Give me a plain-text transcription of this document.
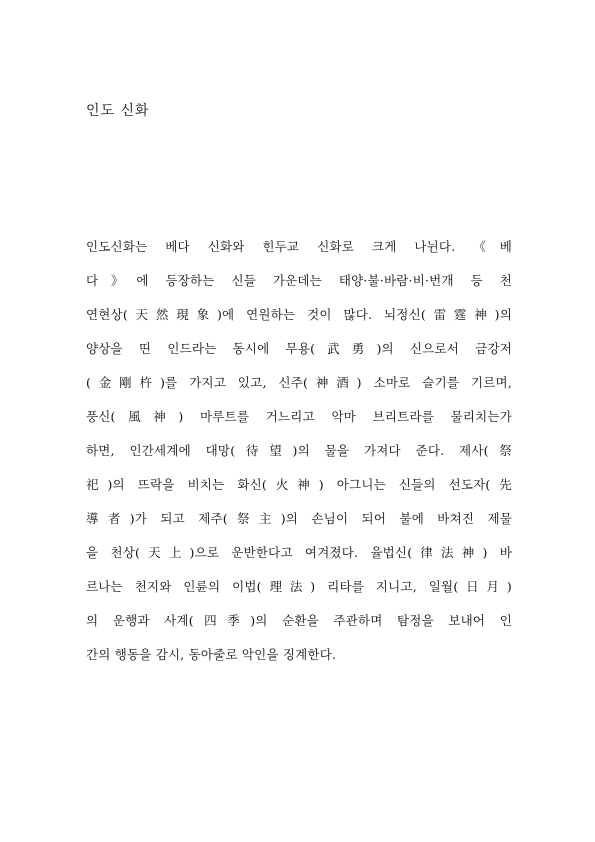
인도 신화
인도신화는 베다 신화와 힌두교 신화로 크게 나뉜다. 《베
다》에 등장하는 신들 가운데는 태양·불·바람·비·번개 등 천
연현상(天然現象)에 연원하는 것이 많다. 뇌정신(雷霆神)의
양상을 띤 인드라는 동시에 무용(武勇)의 신으로서 금강저
(金剛杵)를 가지고 있고, 신주(神酒) 소마로 슬기를 기르며,
풍신(風神) 마루트를 거느리고 악마 브리트라를 물리치는가
하면, 인간세계에 대망(待望)의 물을 가져다 준다. 제사(祭
祀)의 뜨락을 비치는 화신(火神) 아그니는 신들의 선도자(先
導者)가 되고 제주(祭主)의 손님이 되어 불에 바쳐진 제물
을 천상(天上)으로 운반한다고 여겨졌다. 율법신(律法神) 바
르나는 천지와 인륜의 이법(理法) 리타를 지니고, 일월(日月)
의 운행과 사계(四季)의 순환을 주관하며 탐정을 보내어 인
간의 행동을 감시, 동아줄로 악인을 징계한다.
